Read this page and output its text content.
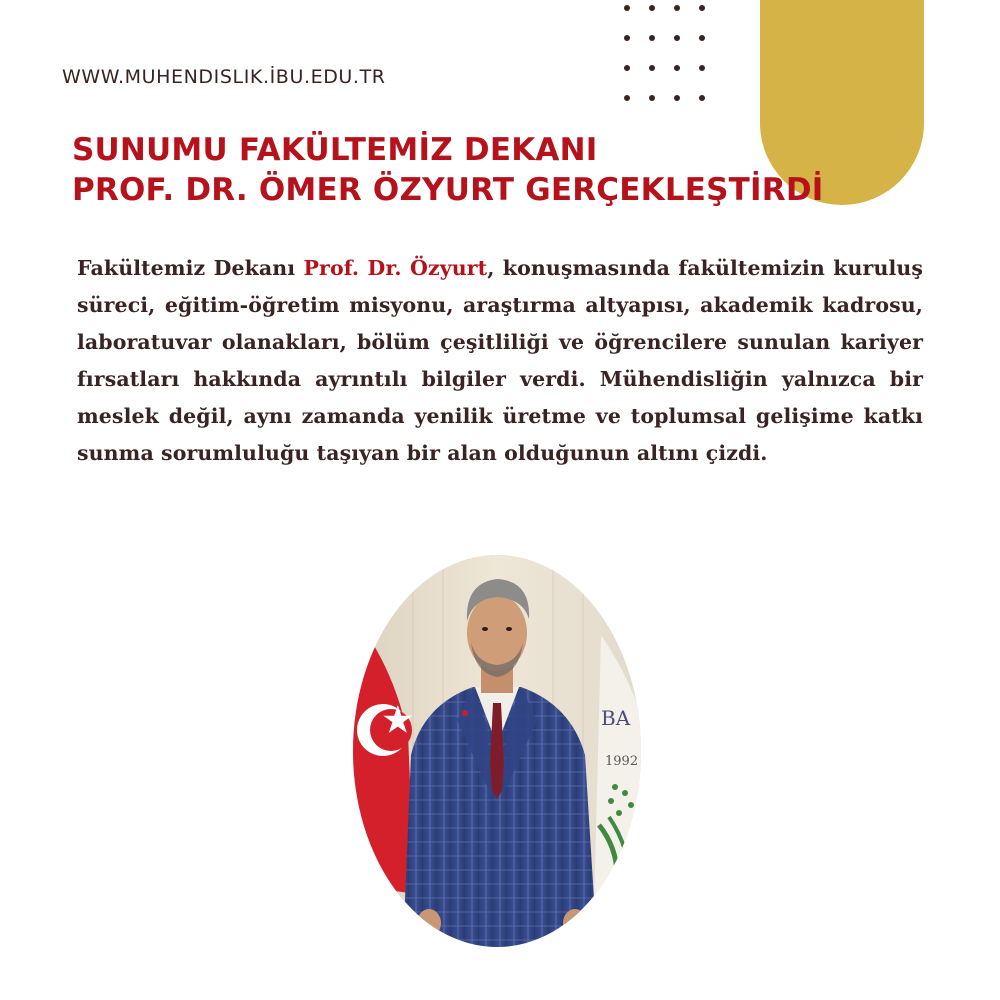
WWW.MUHENDISLIK.İBU.EDU.TR
SUNUMU FAKÜLTEMİZ DEKANI
PROF. DR. ÖMER ÖZYURT GERÇEKLEŞTİRDİ

Fakültemiz Dekanı Prof. Dr. Özyurt, konuşmasında fakültemizin kuruluş süreci, eğitim-öğretim misyonu, araştırma altyapısı, akademik kadrosu, laboratuvar olanakları, bölüm çeşitliliği ve öğrencilere sunulan kariyer fırsatları hakkında ayrıntılı bilgiler verdi. Mühendisliğin yalnızca bir meslek değil, aynı zamanda yenilik üretme ve toplumsal gelişime katkı sunma sorumluluğu taşıyan bir alan olduğunun altını çizdi.

BA
1992
